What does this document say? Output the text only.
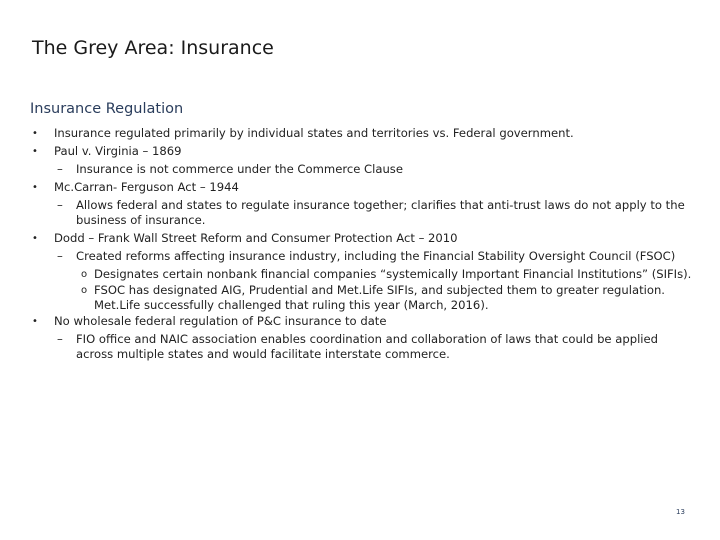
The Grey Area: Insurance
Insurance Regulation
• Insurance regulated primarily by individual states and territories vs. Federal government.
• Paul v. Virginia – 1869
– Insurance is not commerce under the Commerce Clause
• Mc.Carran- Ferguson Act – 1944
– Allows federal and states to regulate insurance together; clarifies that anti-trust laws do not apply to the business of insurance.
• Dodd – Frank Wall Street Reform and Consumer Protection Act – 2010
– Created reforms affecting insurance industry, including the Financial Stability Oversight Council (FSOC)
o Designates certain nonbank financial companies “systemically Important Financial Institutions” (SIFIs).
o FSOC has designated AIG, Prudential and Met.Life SIFIs, and subjected them to greater regulation. Met.Life successfully challenged that ruling this year (March, 2016).
• No wholesale federal regulation of P&C insurance to date
– FIO office and NAIC association enables coordination and collaboration of laws that could be applied across multiple states and would facilitate interstate commerce.
13
